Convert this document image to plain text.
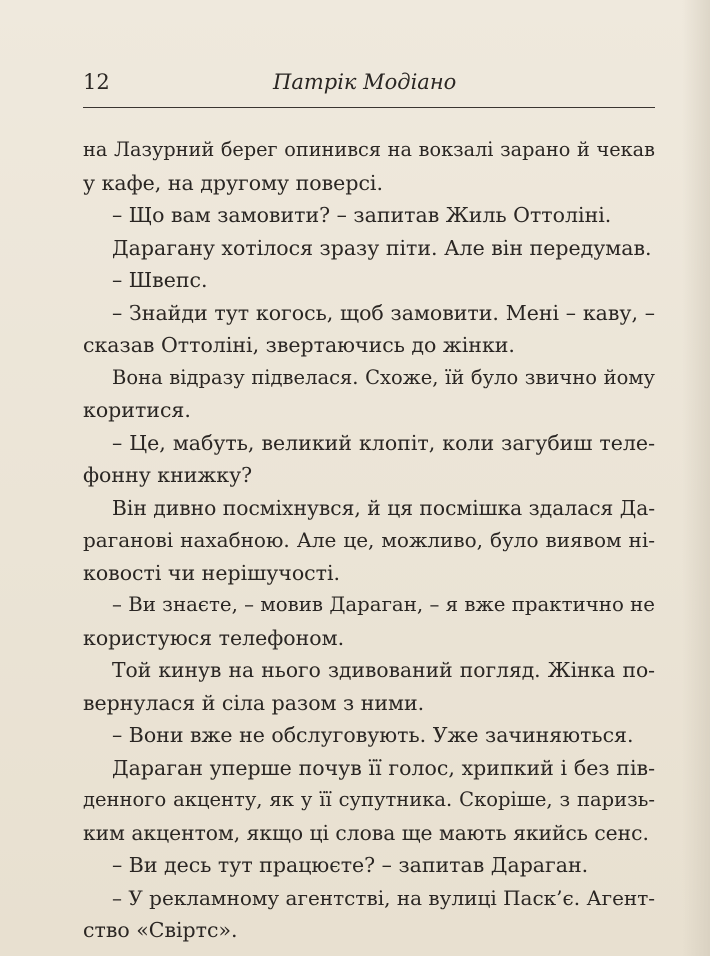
12	Патрік Модіано
на Лазурний берег опинився на вокзалі зарано й чекав
у кафе, на другому поверсі.
– Що вам замовити? – запитав Жиль Оттоліні.
Дарагану хотілося зразу піти. Але він передумав.
– Швепс.
– Знайди тут когось, щоб замовити. Мені – каву, –
сказав Оттоліні, звертаючись до жінки.
Вона відразу підвелася. Схоже, їй було звично йому
коритися.
– Це, мабуть, великий клопіт, коли загубиш теле-
фонну книжку?
Він дивно посміхнувся, й ця посмішка здалася Да-
рагановi нахабною. Але це, можливо, було виявом ні-
ковості чи нерішучості.
– Ви знаєте, – мовив Дараган, – я вже практично не
користуюся телефоном.
Той кинув на нього здивований погляд. Жінка по-
вернулася й сіла разом з ними.
– Вони вже не обслуговують. Уже зачиняються.
Дараган уперше почув її голос, хрипкий і без пів-
денного акценту, як у її супутника. Скоріше, з паризь-
ким акцентом, якщо ці слова ще мають якийсь сенс.
– Ви десь тут працюєте? – запитав Дараган.
– У рекламному агентстві, на вулиці Паск’є. Агент-
ство «Свіртс».
